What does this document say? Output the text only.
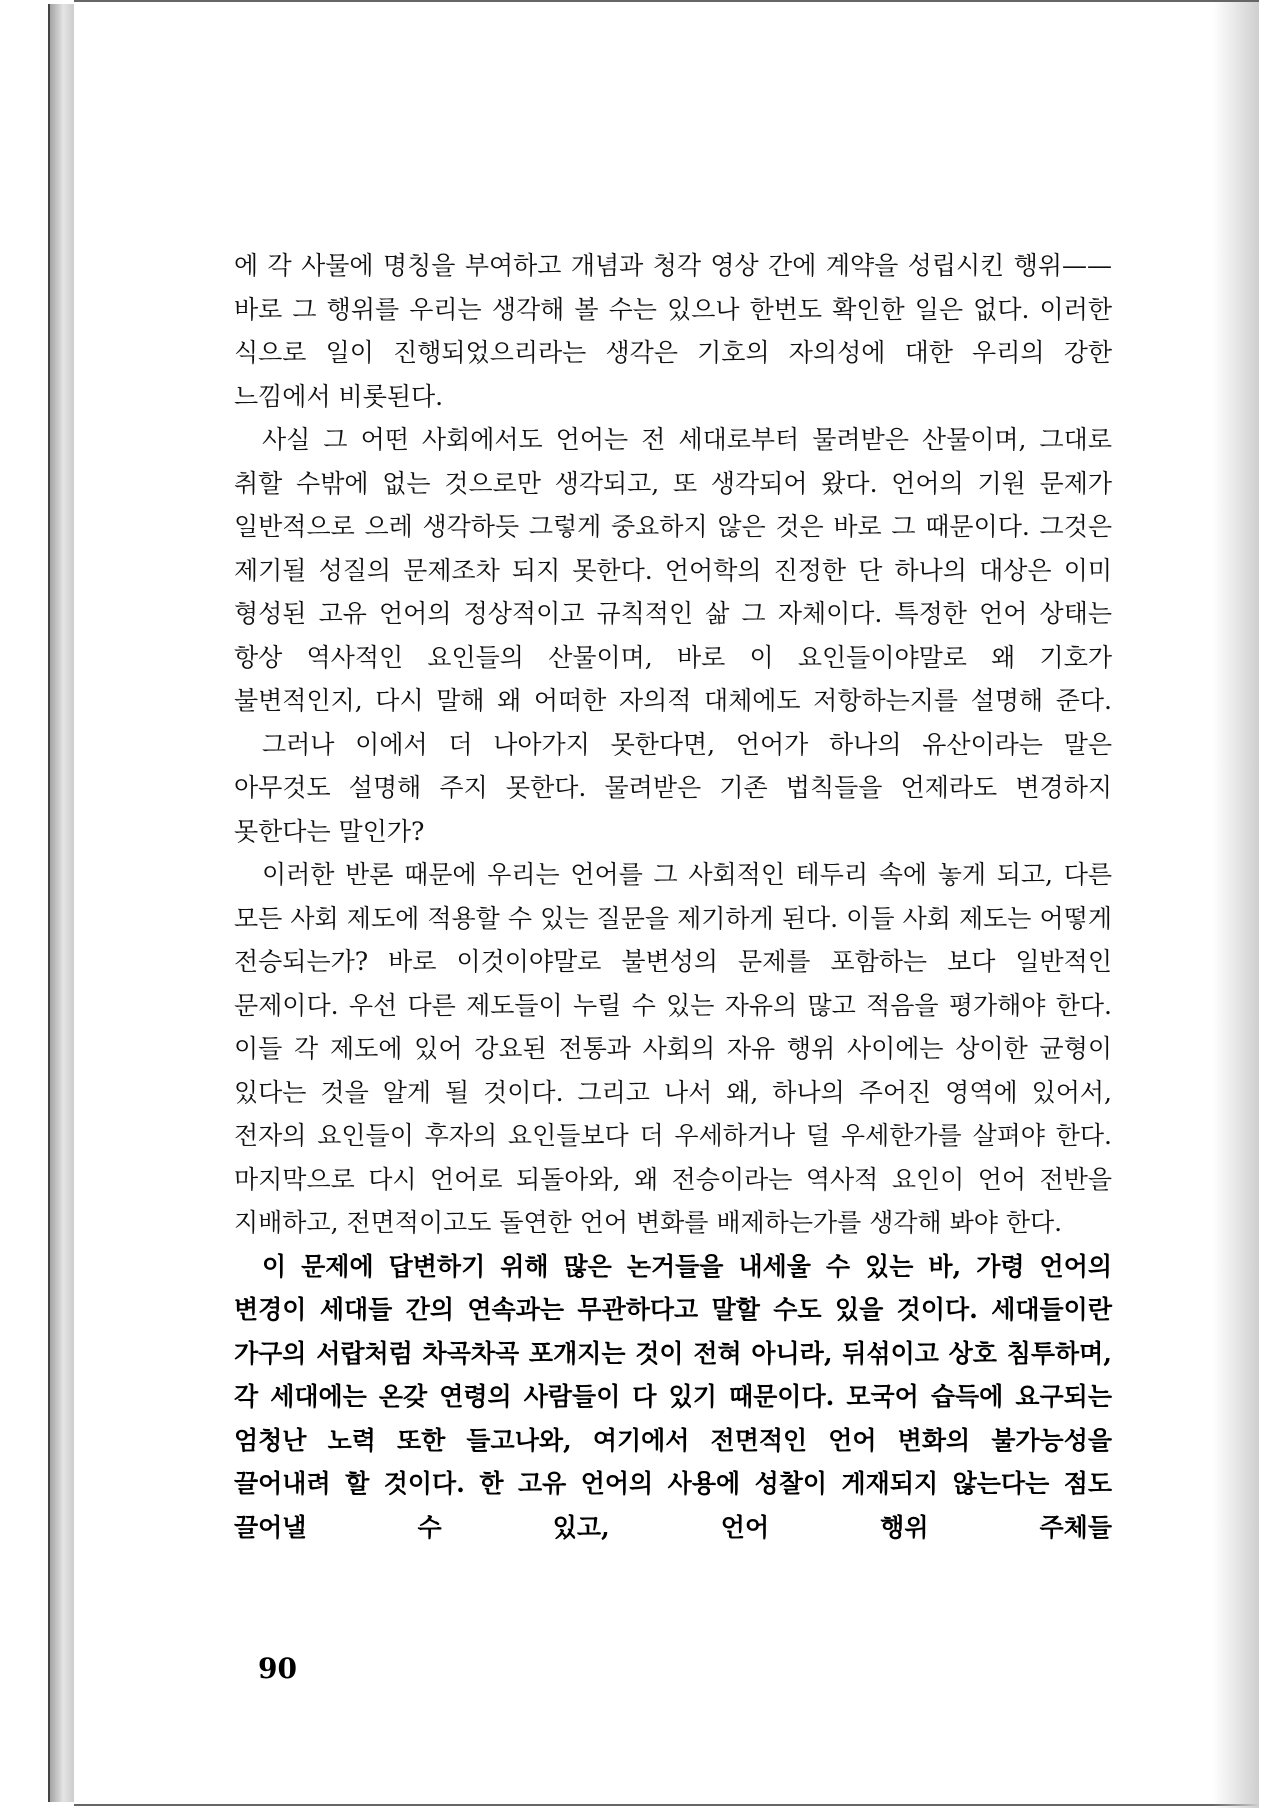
에 각 사물에 명칭을 부여하고 개념과 청각 영상 간에 계약을 성립시킨 행위——바로 그 행위를 우리는 생각해 볼 수는 있으나 한번도 확인한 일은 없다. 이러한 식으로 일이 진행되었으리라는 생각은 기호의 자의성에 대한 우리의 강한 느낌에서 비롯된다.

사실 그 어떤 사회에서도 언어는 전 세대로부터 물려받은 산물이며, 그대로 취할 수밖에 없는 것으로만 생각되고, 또 생각되어 왔다. 언어의 기원 문제가 일반적으로 으레 생각하듯 그렇게 중요하지 않은 것은 바로 그 때문이다. 그것은 제기될 성질의 문제조차 되지 못한다. 언어학의 진정한 단 하나의 대상은 이미 형성된 고유 언어의 정상적이고 규칙적인 삶 그 자체이다. 특정한 언어 상태는 항상 역사적인 요인들의 산물이며, 바로 이 요인들이야말로 왜 기호가 불변적인지, 다시 말해 왜 어떠한 자의적 대체에도 저항하는지를 설명해 준다.

그러나 이에서 더 나아가지 못한다면, 언어가 하나의 유산이라는 말은 아무것도 설명해 주지 못한다. 물려받은 기존 법칙들을 언제라도 변경하지 못한다는 말인가?

이러한 반론 때문에 우리는 언어를 그 사회적인 테두리 속에 놓게 되고, 다른 모든 사회 제도에 적용할 수 있는 질문을 제기하게 된다. 이들 사회 제도는 어떻게 전승되는가? 바로 이것이야말로 불변성의 문제를 포함하는 보다 일반적인 문제이다. 우선 다른 제도들이 누릴 수 있는 자유의 많고 적음을 평가해야 한다. 이들 각 제도에 있어 강요된 전통과 사회의 자유 행위 사이에는 상이한 균형이 있다는 것을 알게 될 것이다. 그리고 나서 왜, 하나의 주어진 영역에 있어서, 전자의 요인들이 후자의 요인들보다 더 우세하거나 덜 우세한가를 살펴야 한다. 마지막으로 다시 언어로 되돌아와, 왜 전승이라는 역사적 요인이 언어 전반을 지배하고, 전면적이고도 돌연한 언어 변화를 배제하는가를 생각해 봐야 한다.

이 문제에 답변하기 위해 많은 논거들을 내세울 수 있는 바, 가령 언어의 변경이 세대들 간의 연속과는 무관하다고 말할 수도 있을 것이다. 세대들이란 가구의 서랍처럼 차곡차곡 포개지는 것이 전혀 아니라, 뒤섞이고 상호 침투하며, 각 세대에는 온갖 연령의 사람들이 다 있기 때문이다. 모국어 습득에 요구되는 엄청난 노력 또한 들고나와, 여기에서 전면적인 언어 변화의 불가능성을 끌어내려 할 것이다. 한 고유 언어의 사용에 성찰이 게재되지 않는다는 점도 끌어낼 수 있고, 언어 행위 주체들

90
